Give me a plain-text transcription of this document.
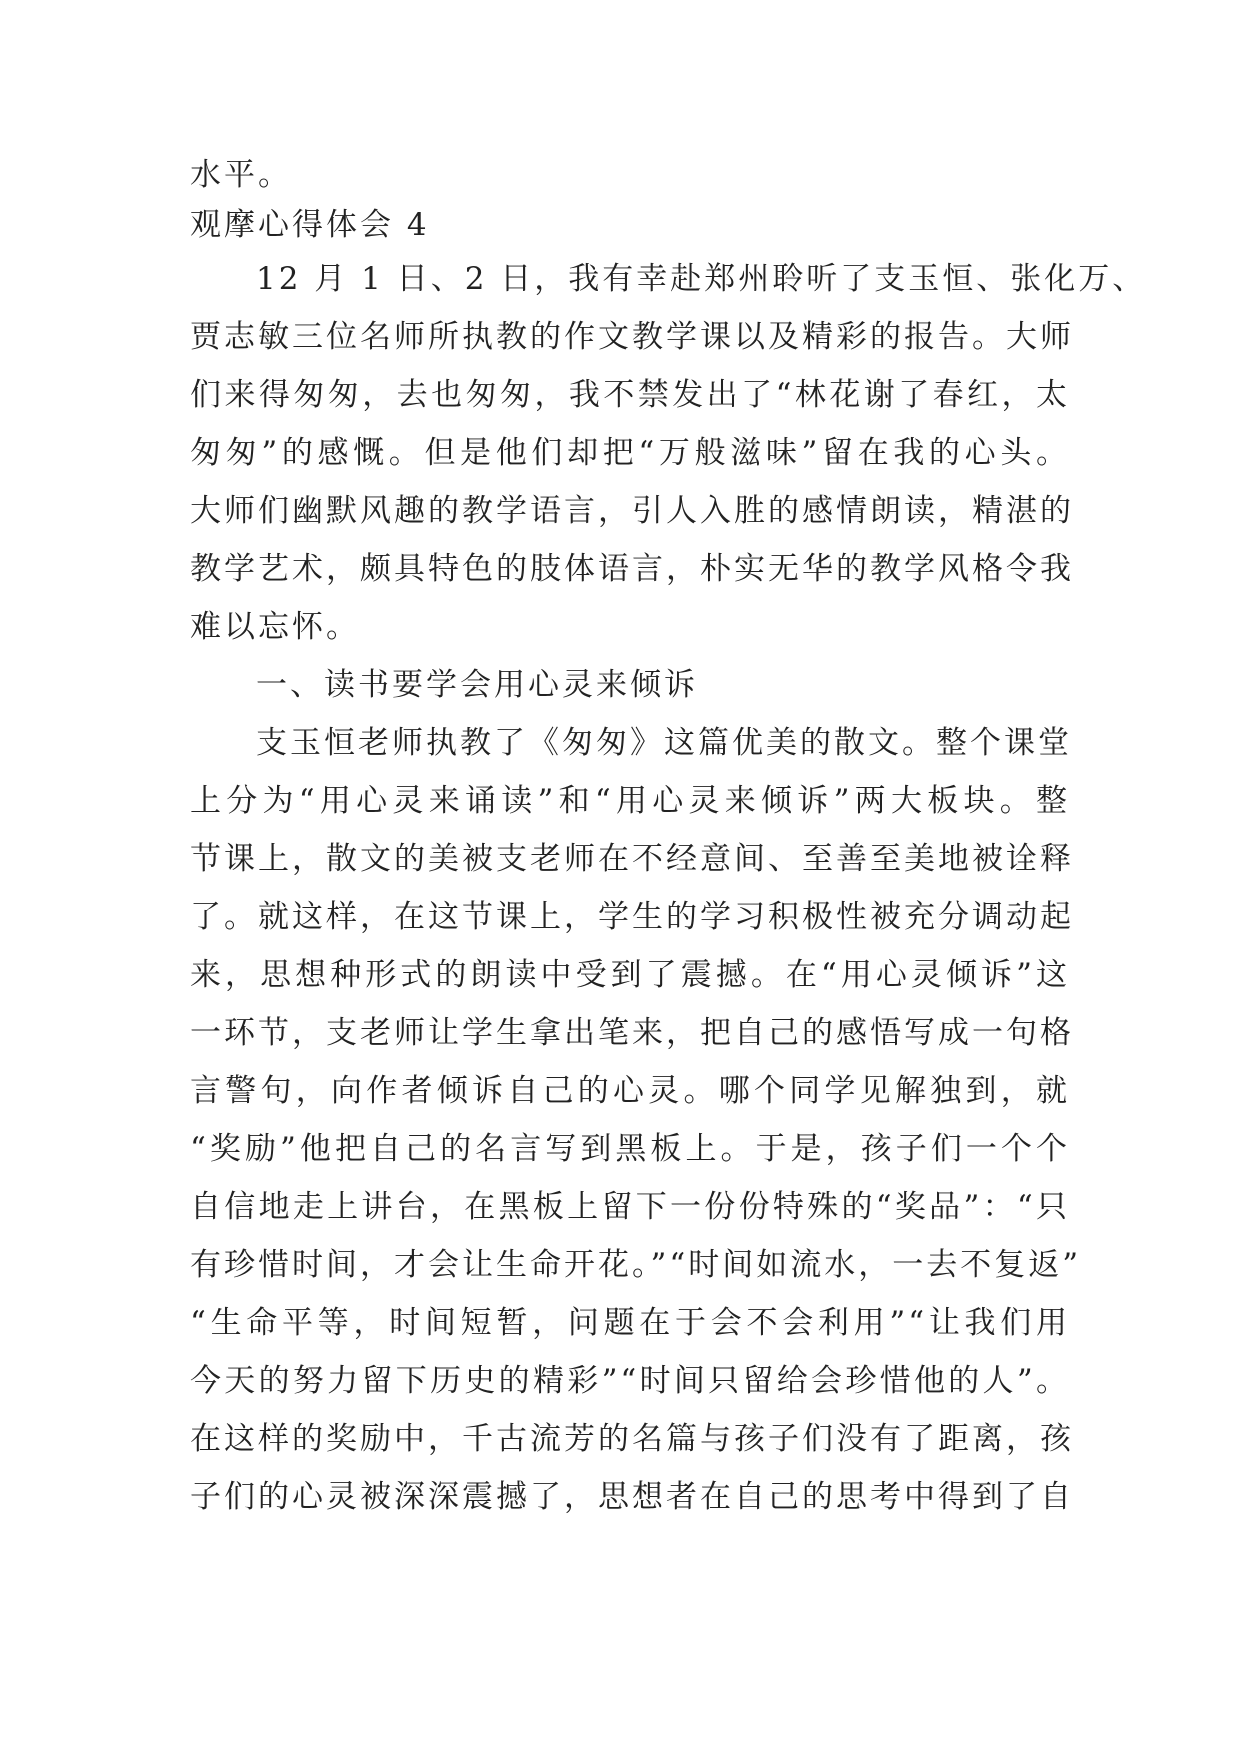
水平。
观摩心得体会 4
12 月 1 日、2 日，我有幸赴郑州聆听了支玉恒、张化万、
贾志敏三位名师所执教的作文教学课以及精彩的报告。大师
们来得匆匆，去也匆匆，我不禁发出了“林花谢了春红，太
匆匆”的感慨。但是他们却把“万般滋味”留在我的心头。
大师们幽默风趣的教学语言，引人入胜的感情朗读，精湛的
教学艺术，颇具特色的肢体语言，朴实无华的教学风格令我
难以忘怀。
一、读书要学会用心灵来倾诉
支玉恒老师执教了《匆匆》这篇优美的散文。整个课堂
上分为“用心灵来诵读”和“用心灵来倾诉”两大板块。整
节课上，散文的美被支老师在不经意间、至善至美地被诠释
了。就这样，在这节课上，学生的学习积极性被充分调动起
来，思想种形式的朗读中受到了震撼。在“用心灵倾诉”这
一环节，支老师让学生拿出笔来，把自己的感悟写成一句格
言警句，向作者倾诉自己的心灵。哪个同学见解独到，就
“奖励”他把自己的名言写到黑板上。于是，孩子们一个个
自信地走上讲台，在黑板上留下一份份特殊的“奖品”：“只
有珍惜时间，才会让生命开花。”“时间如流水，一去不复返”
“生命平等，时间短暂，问题在于会不会利用”“让我们用
今天的努力留下历史的精彩”“时间只留给会珍惜他的人”。
在这样的奖励中，千古流芳的名篇与孩子们没有了距离，孩
子们的心灵被深深震撼了，思想者在自己的思考中得到了自
